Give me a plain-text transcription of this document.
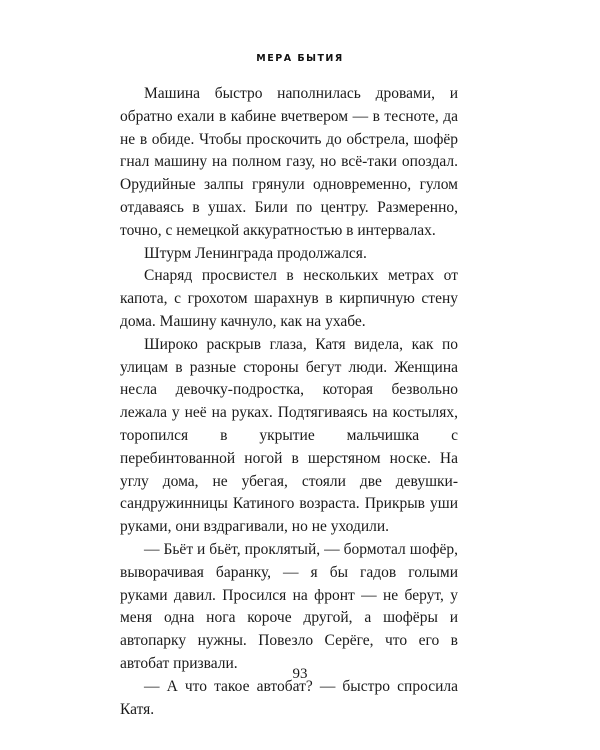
МЕРА БЫТИЯ

Машина быстро наполнилась дровами, и обратно ехали в кабине вчетвером — в тесноте, да не в обиде. Чтобы проскочить до обстрела, шофёр гнал машину на полном газу, но всё-таки опоздал. Орудийные залпы грянули одновременно, гулом отдаваясь в ушах. Били по центру. Размеренно, точно, с немецкой аккуратностью в интервалах.

Штурм Ленинграда продолжался.

Снаряд просвистел в нескольких метрах от капота, с грохотом шарахнув в кирпичную стену дома. Машину качнуло, как на ухабе.

Широко раскрыв глаза, Катя видела, как по улицам в разные стороны бегут люди. Женщина несла девочку-подростка, которая безвольно лежала у неё на руках. Подтягиваясь на костылях, торопился в укрытие мальчишка с перебинтованной ногой в шерстяном носке. На углу дома, не убегая, стояли две девушки-сандружинницы Катиного возраста. Прикрыв уши руками, они вздрагивали, но не уходили.

— Бьёт и бьёт, проклятый, — бормотал шофёр, выворачивая баранку, — я бы гадов голыми руками давил. Просился на фронт — не берут, у меня одна нога короче другой, а шофёры и автопарку нужны. Повезло Серёге, что его в автобат призвали.

— А что такое автобат? — быстро спросила Катя.

93
